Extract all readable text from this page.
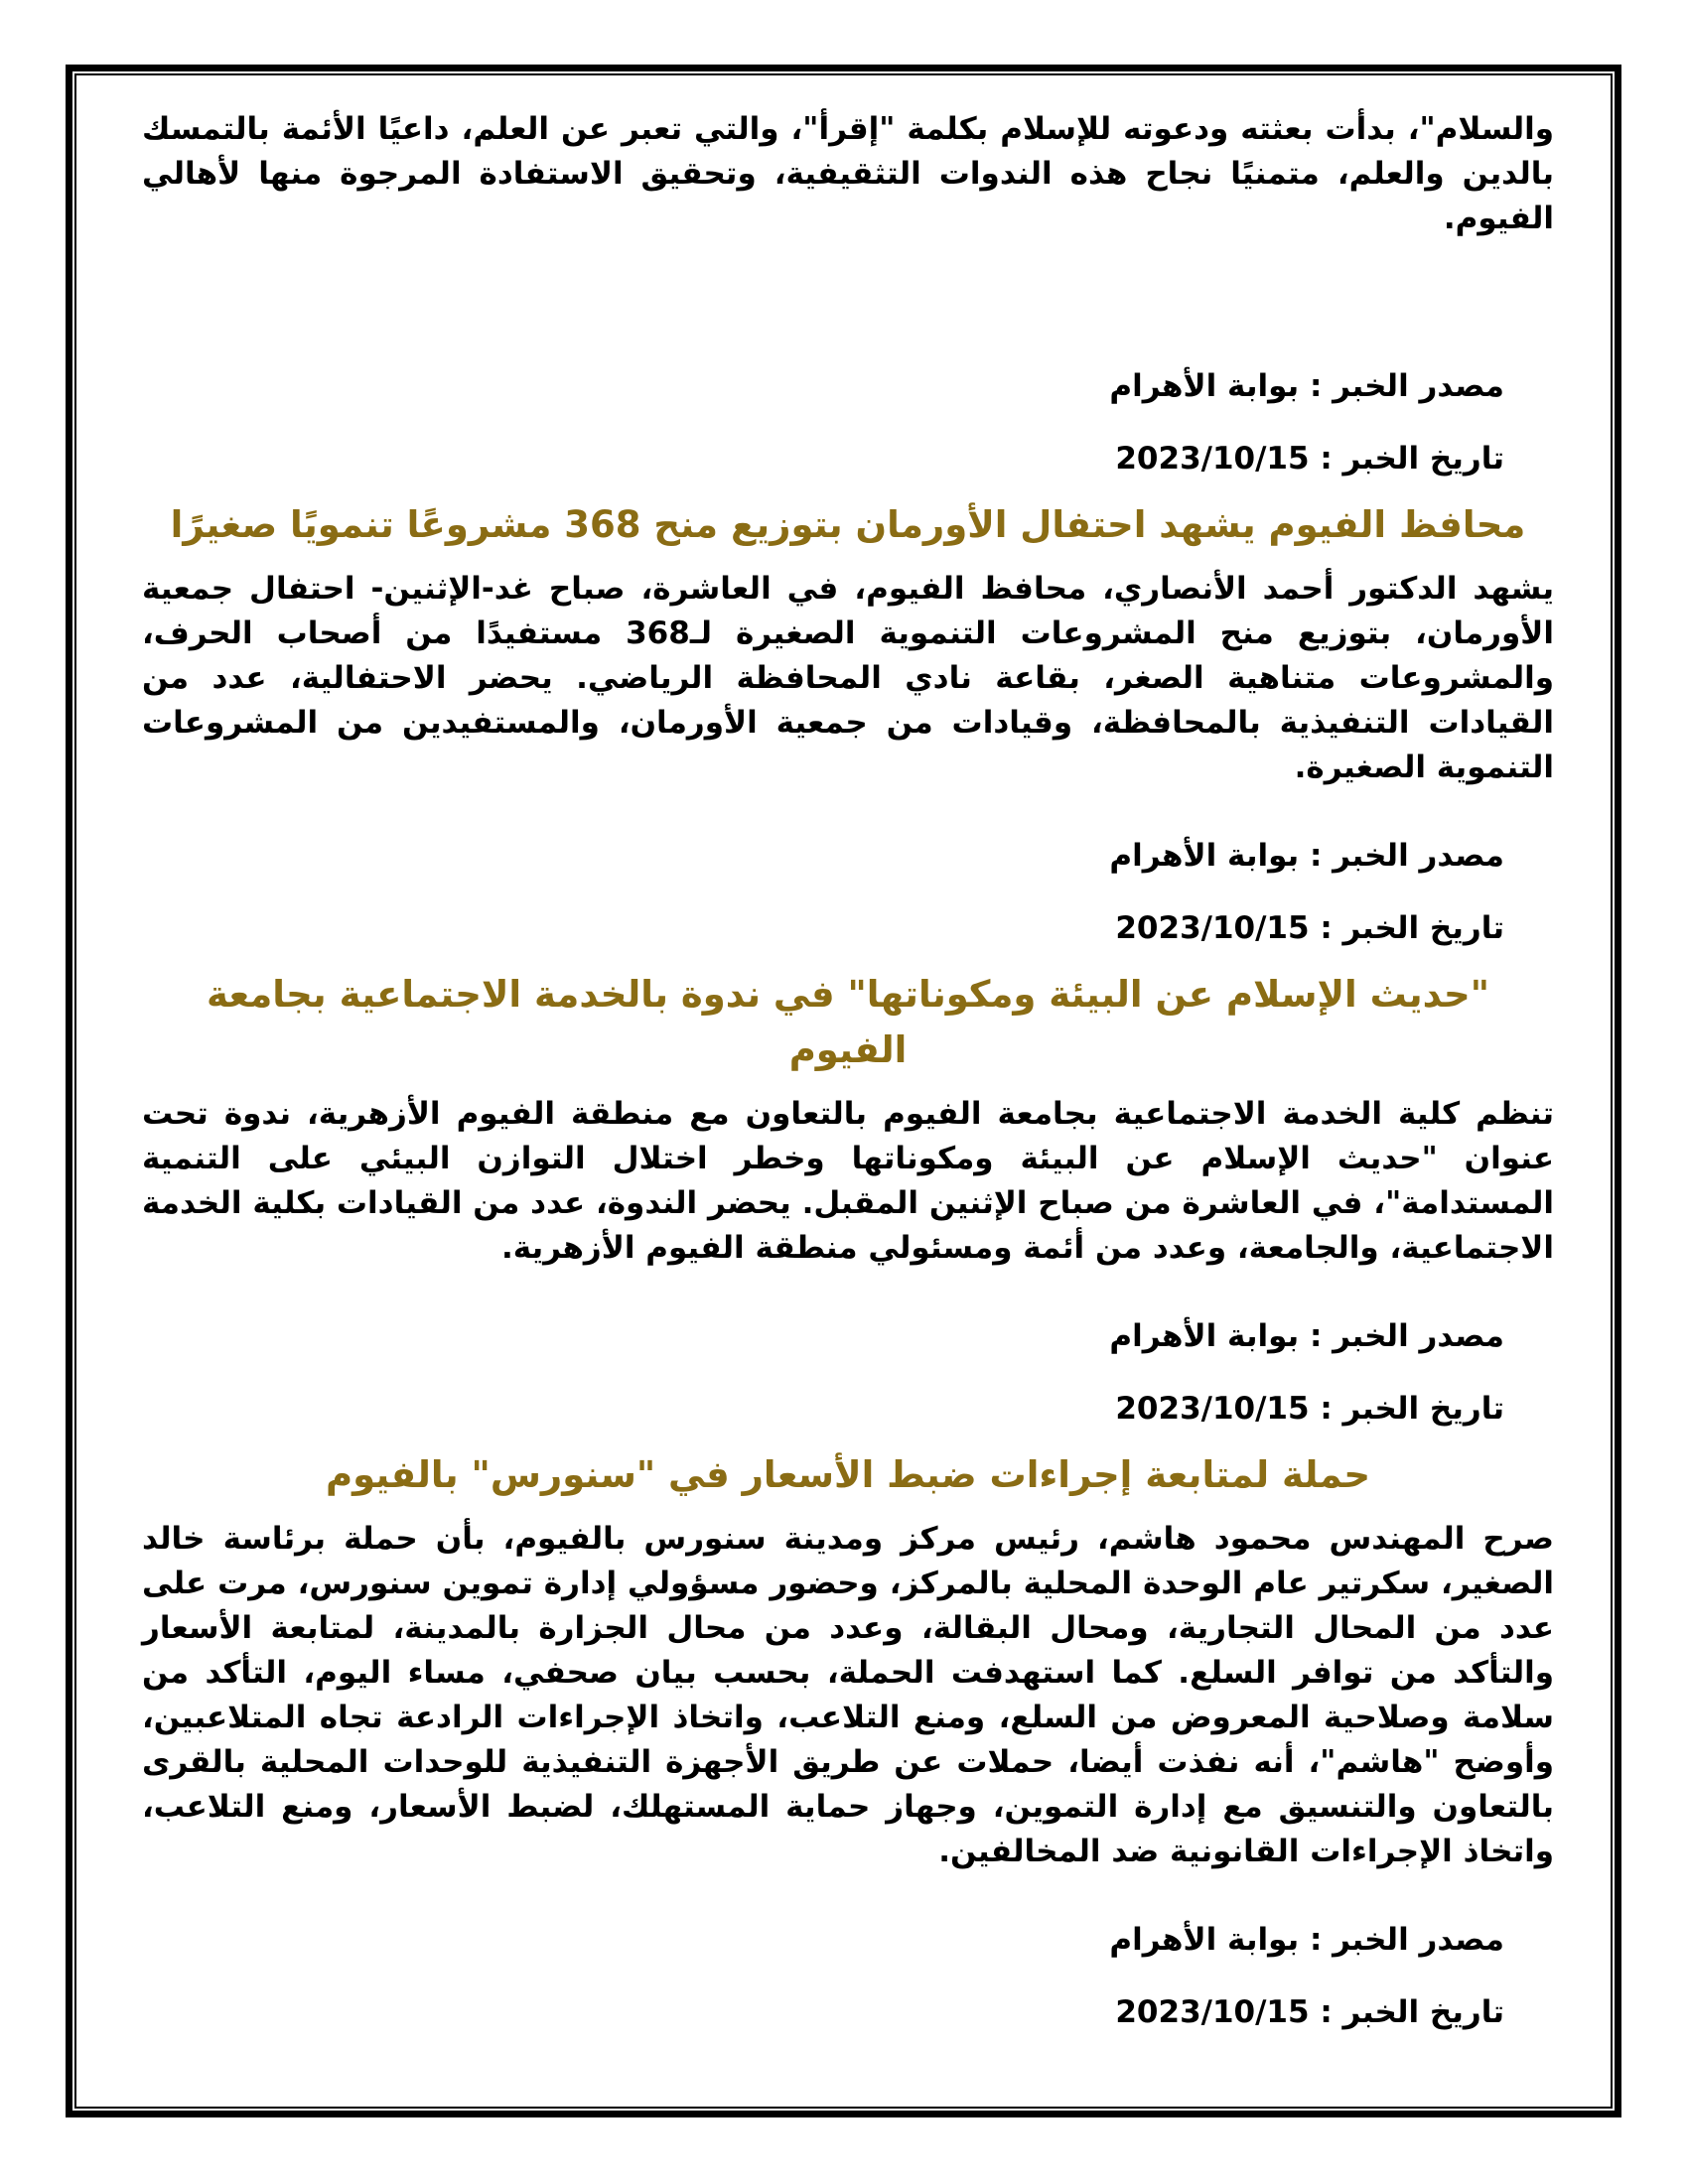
والسلام"، بدأت بعثته ودعوته للإسلام بكلمة "إقرأ"، والتي تعبر عن العلم، داعيًا الأئمة بالتمسك بالدين والعلم، متمنيًا نجاح هذه الندوات التثقيفية، وتحقيق الاستفادة المرجوة منها لأهالي الفيوم.

مصدر الخبر : بوابة الأهرام

تاريخ الخبر : 2023/10/15

محافظ الفيوم يشهد احتفال الأورمان بتوزيع منح 368 مشروعًا تنمويًا صغيرًا

يشهد الدكتور أحمد الأنصاري، محافظ الفيوم، في العاشرة، صباح غد-الإثنين- احتفال جمعية الأورمان، بتوزيع منح المشروعات التنموية الصغيرة لـ368 مستفيدًا من أصحاب الحرف، والمشروعات متناهية الصغر، بقاعة نادي المحافظة الرياضي. يحضر الاحتفالية، عدد من القيادات التنفيذية بالمحافظة، وقيادات من جمعية الأورمان، والمستفيدين من المشروعات التنموية الصغيرة.

مصدر الخبر : بوابة الأهرام

تاريخ الخبر : 2023/10/15

"حديث الإسلام عن البيئة ومكوناتها" في ندوة بالخدمة الاجتماعية بجامعة الفيوم

تنظم كلية الخدمة الاجتماعية بجامعة الفيوم بالتعاون مع منطقة الفيوم الأزهرية، ندوة تحت عنوان "حديث الإسلام عن البيئة ومكوناتها وخطر اختلال التوازن البيئي على التنمية المستدامة"، في العاشرة من صباح الإثنين المقبل. يحضر الندوة، عدد من القيادات بكلية الخدمة الاجتماعية، والجامعة، وعدد من أئمة ومسئولي منطقة الفيوم الأزهرية.

مصدر الخبر : بوابة الأهرام

تاريخ الخبر : 2023/10/15

حملة لمتابعة إجراءات ضبط الأسعار في "سنورس" بالفيوم

صرح المهندس محمود هاشم، رئيس مركز ومدينة سنورس بالفيوم، بأن حملة برئاسة خالد الصغير، سكرتير عام الوحدة المحلية بالمركز، وحضور مسؤولي إدارة تموين سنورس، مرت على عدد من المحال التجارية، ومحال البقالة، وعدد من محال الجزارة بالمدينة، لمتابعة الأسعار والتأكد من توافر السلع. كما استهدفت الحملة، بحسب بيان صحفي، مساء اليوم، التأكد من سلامة وصلاحية المعروض من السلع، ومنع التلاعب، واتخاذ الإجراءات الرادعة تجاه المتلاعبين، وأوضح "هاشم"، أنه نفذت أيضا، حملات عن طريق الأجهزة التنفيذية للوحدات المحلية بالقرى بالتعاون والتنسيق مع إدارة التموين، وجهاز حماية المستهلك، لضبط الأسعار، ومنع التلاعب، واتخاذ الإجراءات القانونية ضد المخالفين.

مصدر الخبر : بوابة الأهرام

تاريخ الخبر : 2023/10/15
